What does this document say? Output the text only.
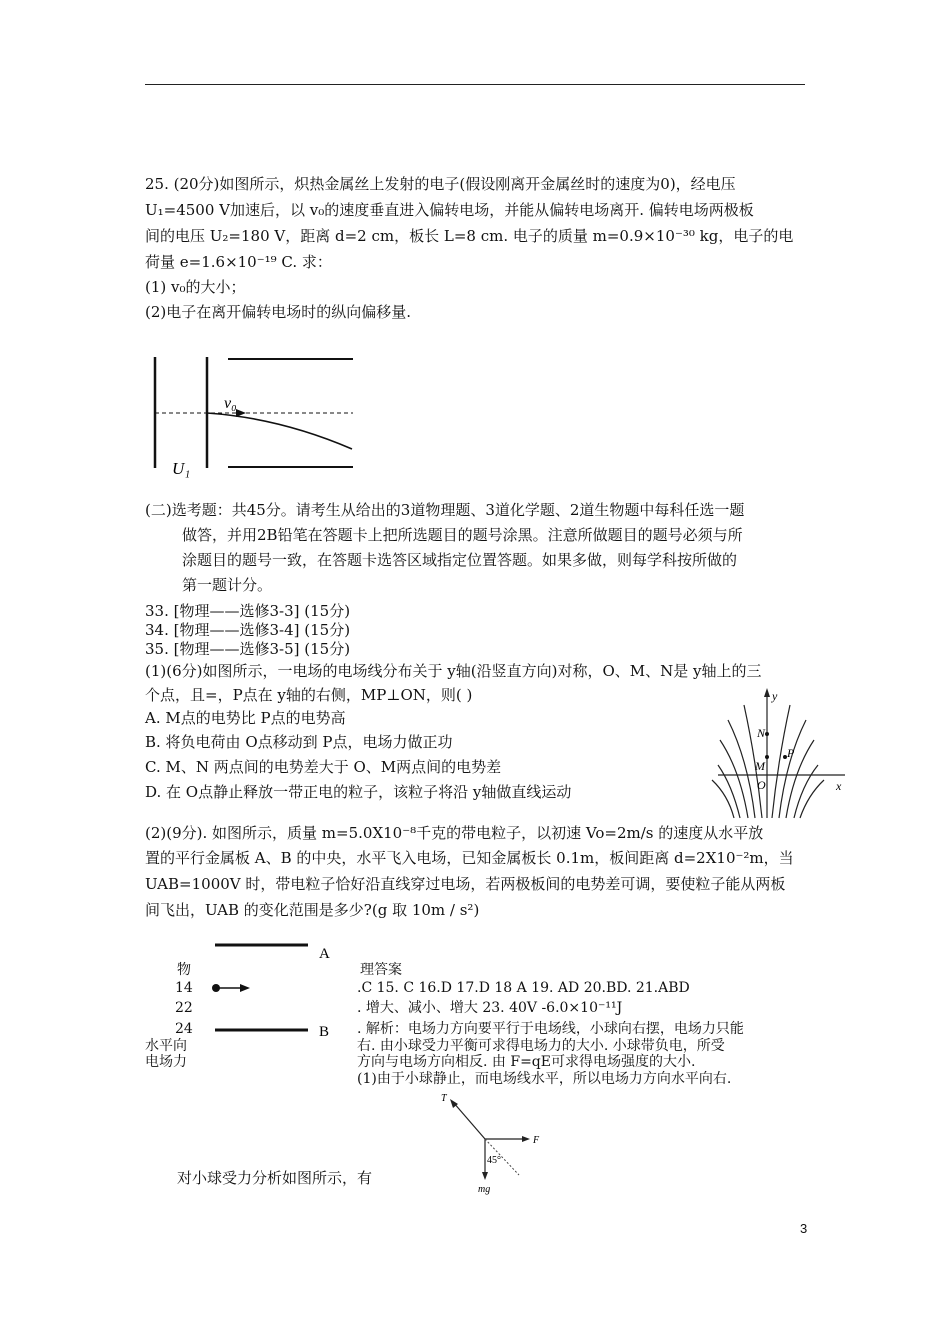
25. (20分)如图所示，炽热金属丝上发射的电子(假设刚离开金属丝时的速度为0)，经电压
U₁=4500 V加速后，以 v₀的速度垂直进入偏转电场，并能从偏转电场离开. 偏转电场两极板
间的电压 U₂=180 V，距离 d=2 cm，板长 L=8 cm. 电子的质量 m=0.9×10⁻³⁰ kg，电子的电
荷量 e=1.6×10⁻¹⁹ C. 求：
(1) v₀的大小；
(2)电子在离开偏转电场时的纵向偏移量.
v₀
U₁
(二)选考题：共45分。请考生从给出的3道物理题、3道化学题、2道生物题中每科任选一题
做答，并用2B铅笔在答题卡上把所选题目的题号涂黑。注意所做题目的题号必须与所
涂题目的题号一致，在答题卡选答区域指定位置答题。如果多做，则每学科按所做的
第一题计分。
33. [物理——选修3-3] (15分)
34. [物理——选修3-4] (15分)
35. [物理——选修3-5] (15分)
(1)(6分)如图所示，一电场的电场线分布关于 y轴(沿竖直方向)对称，O、M、N是 y轴上的三
个点，且=，P点在 y轴的右侧，MP⊥ON，则( )
A. M点的电势比 P点的电势高
B. 将负电荷由 O点移动到 P点，电场力做正功
C. M、N 两点间的电势差大于 O、M两点间的电势差
D. 在 O点静止释放一带正电的粒子，该粒子将沿 y轴做直线运动
y
x
N
M
P
O
(2)(9分). 如图所示，质量 m=5.0X10⁻⁸千克的带电粒子，以初速 Vo=2m/s 的速度从水平放
置的平行金属板 A、B 的中央，水平飞入电场，已知金属板长 0.1m，板间距离 d=2X10⁻²m，当
UAB=1000V 时，带电粒子恰好沿直线穿过电场，若两极板间的电势差可调，要使粒子能从两板
间飞出，UAB 的变化范围是多少?(g 取 10m / s²)
A
B
物
14
22
24
水平向
电场力
理答案
.C 15. C 16.D 17.D 18 A 19. AD 20.BD. 21.ABD
. 增大、减小、增大 23. 40V -6.0×10⁻¹¹J
. 解析：电场力方向要平行于电场线，小球向右摆，电场力只能
右. 由小球受力平衡可求得电场力的大小. 小球带负电，所受
方向与电场方向相反. 由 F=qE可求得电场强度的大小.
(1)由于小球静止，而电场线水平，所以电场力方向水平向右.
T
F
mg
45°
对小球受力分析如图所示，有
3
